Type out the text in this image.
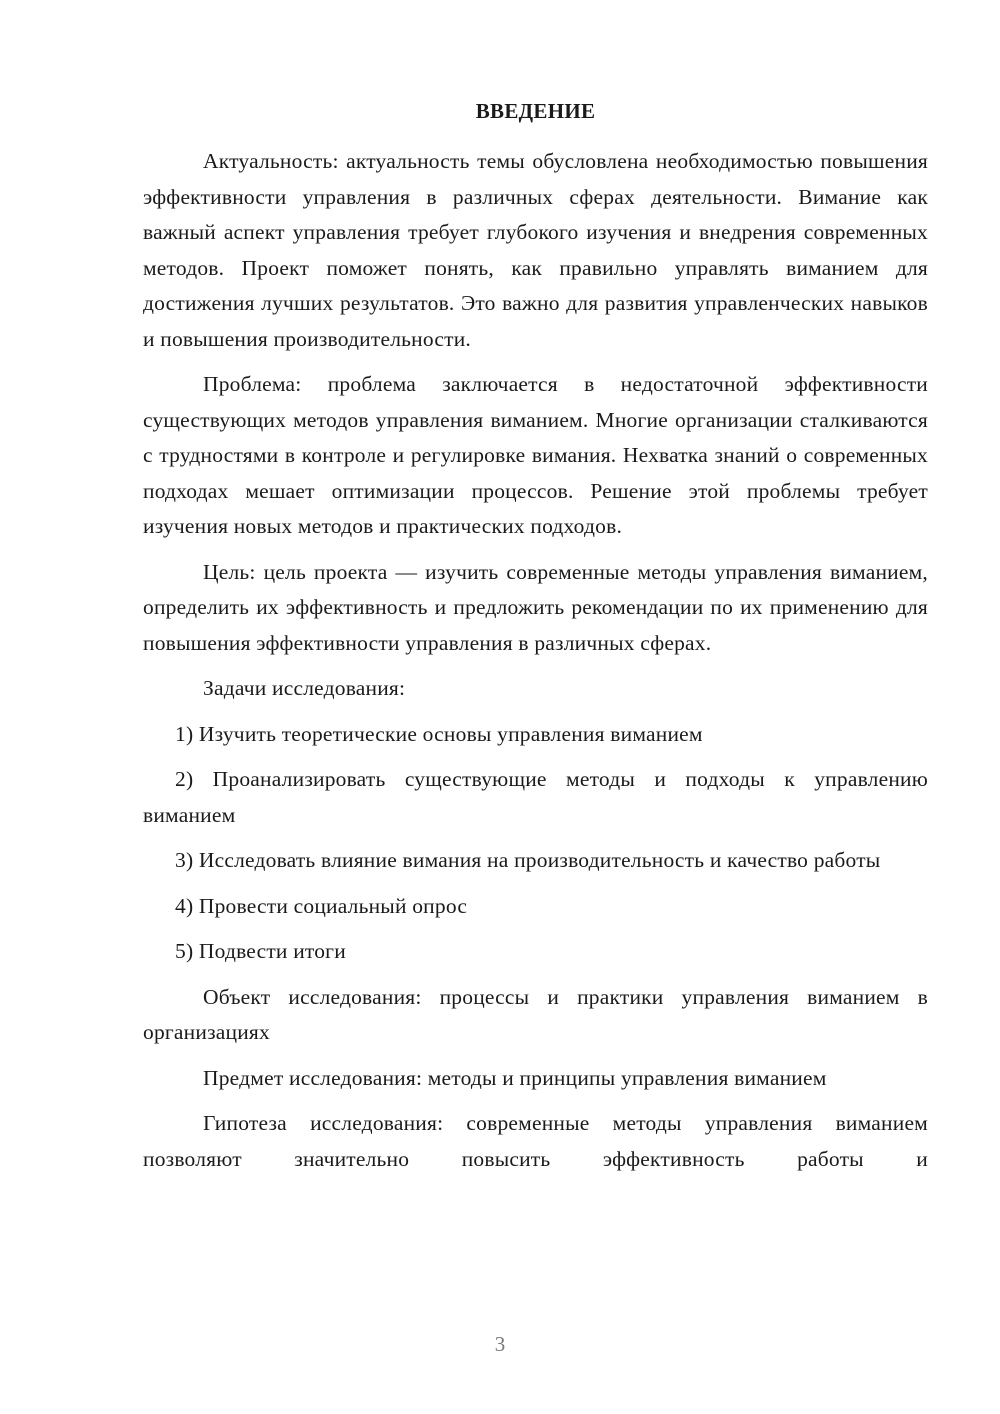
ВВЕДЕНИЕ

Актуальность: актуальность темы обусловлена необходимостью повышения эффективности управления в различных сферах деятельности. Вимание как важный аспект управления требует глубокого изучения и внедрения современных методов. Проект поможет понять, как правильно управлять виманием для достижения лучших результатов. Это важно для развития управленческих навыков и повышения производительности.

Проблема: проблема заключается в недостаточной эффективности существующих методов управления виманием. Многие организации сталкиваются с трудностями в контроле и регулировке вимания. Нехватка знаний о современных подходах мешает оптимизации процессов. Решение этой проблемы требует изучения новых методов и практических подходов.

Цель: цель проекта — изучить современные методы управления виманием, определить их эффективность и предложить рекомендации по их применению для повышения эффективности управления в различных сферах.

Задачи исследования:

1) Изучить теоретические основы управления виманием

2) Проанализировать существующие методы и подходы к управлению виманием

3) Исследовать влияние вимания на производительность и качество работы

4) Провести социальный опрос

5) Подвести итоги

Объект исследования: процессы и практики управления виманием в организациях

Предмет исследования: методы и принципы управления виманием

Гипотеза исследования: современные методы управления виманием позволяют значительно повысить эффективность работы и

3
